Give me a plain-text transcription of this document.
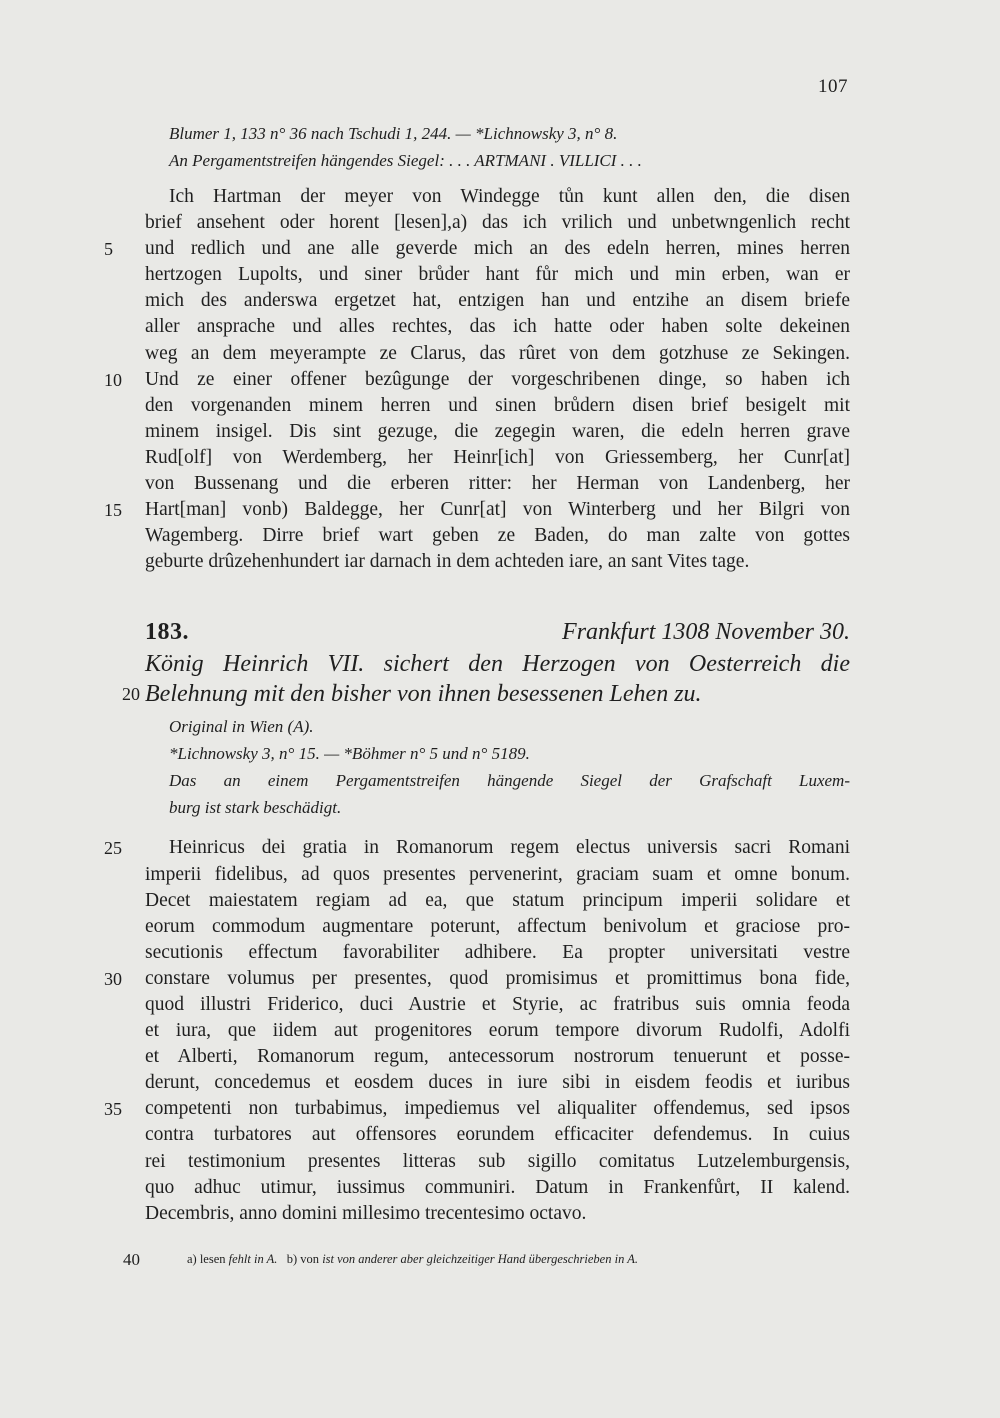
107
Blumer 1, 133 n° 36 nach Tschudi 1, 244. — *Lichnowsky 3, n° 8.
An Pergamentstreifen hängendes Siegel: . . . ARTMANI . VILLICI . . .
Ich Hartman der meyer von Windegge tůn kunt allen den, die disen
brief ansehent oder horent [lesen],a) das ich vrilich und unbetwngenlich recht
5	und redlich und ane alle geverde mich an des edeln herren, mines herren
hertzogen Lupolts, und siner brůder hant fůr mich und min erben, wan er
mich des anderswa ergetzet hat, entzigen han und entzihe an disem briefe
aller ansprache und alles rechtes, das ich hatte oder haben solte dekeinen
weg an dem meyerampte ze Clarus, das rûret von dem gotzhuse ze Sekingen.
10	Und ze einer offener bezûgunge der vorgeschribenen dinge, so haben ich
den vorgenanden minem herren und sinen brůdern disen brief besigelt mit
minem insigel. Dis sint gezuge, die zegegin waren, die edeln herren grave
Rud[olf] von Werdemberg, her Heinr[ich] von Griessemberg, her Cunr[at]
von Bussenang und die erberen ritter: her Herman von Landenberg, her
15	Hart[man] vonb) Baldegge, her Cunr[at] von Winterberg und her Bilgri von
Wagemberg. Dirre brief wart geben ze Baden, do man zalte von gottes
geburte drûzehenhundert iar darnach in dem achteden iare, an sant Vites tage.
183.	Frankfurt 1308 November 30.
König Heinrich VII. sichert den Herzogen von Oesterreich die
20 Belehnung mit den bisher von ihnen besessenen Lehen zu.
Original in Wien (A).
*Lichnowsky 3, n° 15. — *Böhmer n° 5 und n° 5189.
Das an einem Pergamentstreifen hängende Siegel der Grafschaft Luxem-
burg ist stark beschädigt.
25	Heinricus dei gratia in Romanorum regem electus universis sacri Romani
imperii fidelibus, ad quos presentes pervenerint, graciam suam et omne bonum.
Decet maiestatem regiam ad ea, que statum principum imperii solidare et
eorum commodum augmentare poterunt, affectum benivolum et graciose pro-
secutionis effectum favorabiliter adhibere. Ea propter universitati vestre
30	constare volumus per presentes, quod promisimus et promittimus bona fide,
quod illustri Friderico, duci Austrie et Styrie, ac fratribus suis omnia feoda
et iura, que iidem aut progenitores eorum tempore divorum Rudolfi, Adolfi
et Alberti, Romanorum regum, antecessorum nostrorum tenuerunt et posse-
derunt, concedemus et eosdem duces in iure sibi in eisdem feodis et iuribus
35	competenti non turbabimus, impediemus vel aliqualiter offendemus, sed ipsos
contra turbatores aut offensores eorundem efficaciter defendemus. In cuius
rei testimonium presentes litteras sub sigillo comitatus Lutzelemburgensis,
quo adhuc utimur, iussimus communiri. Datum in Frankenfůrt, II kalend.
Decembris, anno domini millesimo trecentesimo octavo.
40	a) lesen fehlt in A. b) von ist von anderer aber gleichzeitiger Hand übergeschrieben in A.
